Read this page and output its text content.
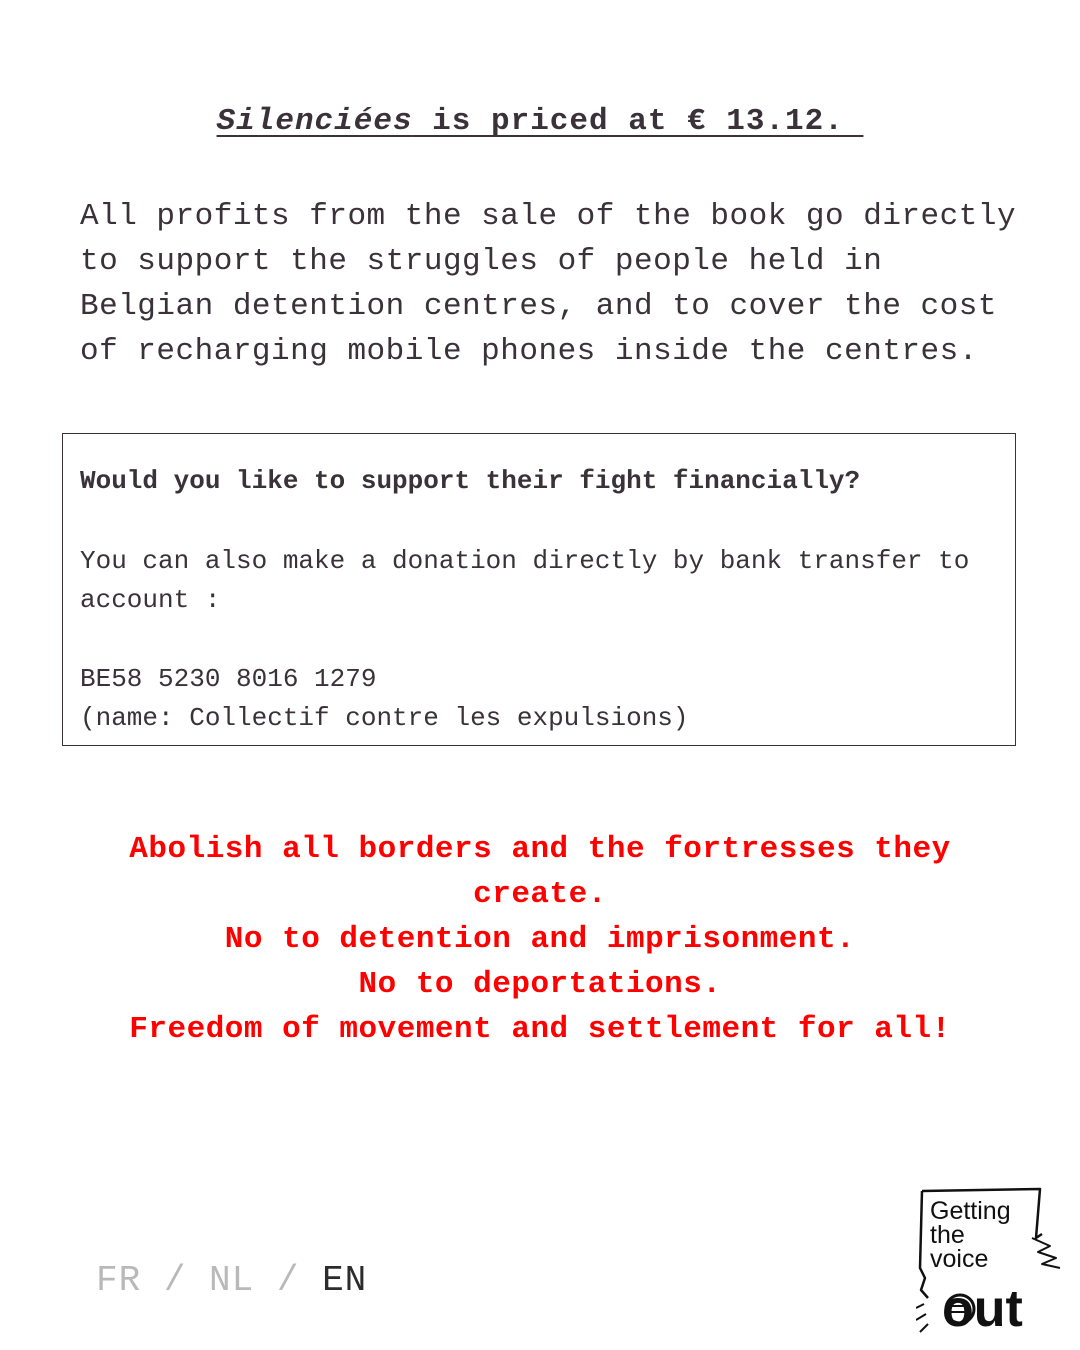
Silenciées is priced at € 13.12.

All profits from the sale of the book go directly to support the struggles of people held in Belgian detention centres, and to cover the cost of recharging mobile phones inside the centres.

Would you like to support their fight financially?

You can also make a donation directly by bank transfer to account :

BE58 5230 8016 1279

(name: Collectif contre les expulsions)

Abolish all borders and the fortresses they create.
No to detention and imprisonment.
No to deportations.
Freedom of movement and settlement for all!
FR / NL / EN
Getting
the
voice
out
